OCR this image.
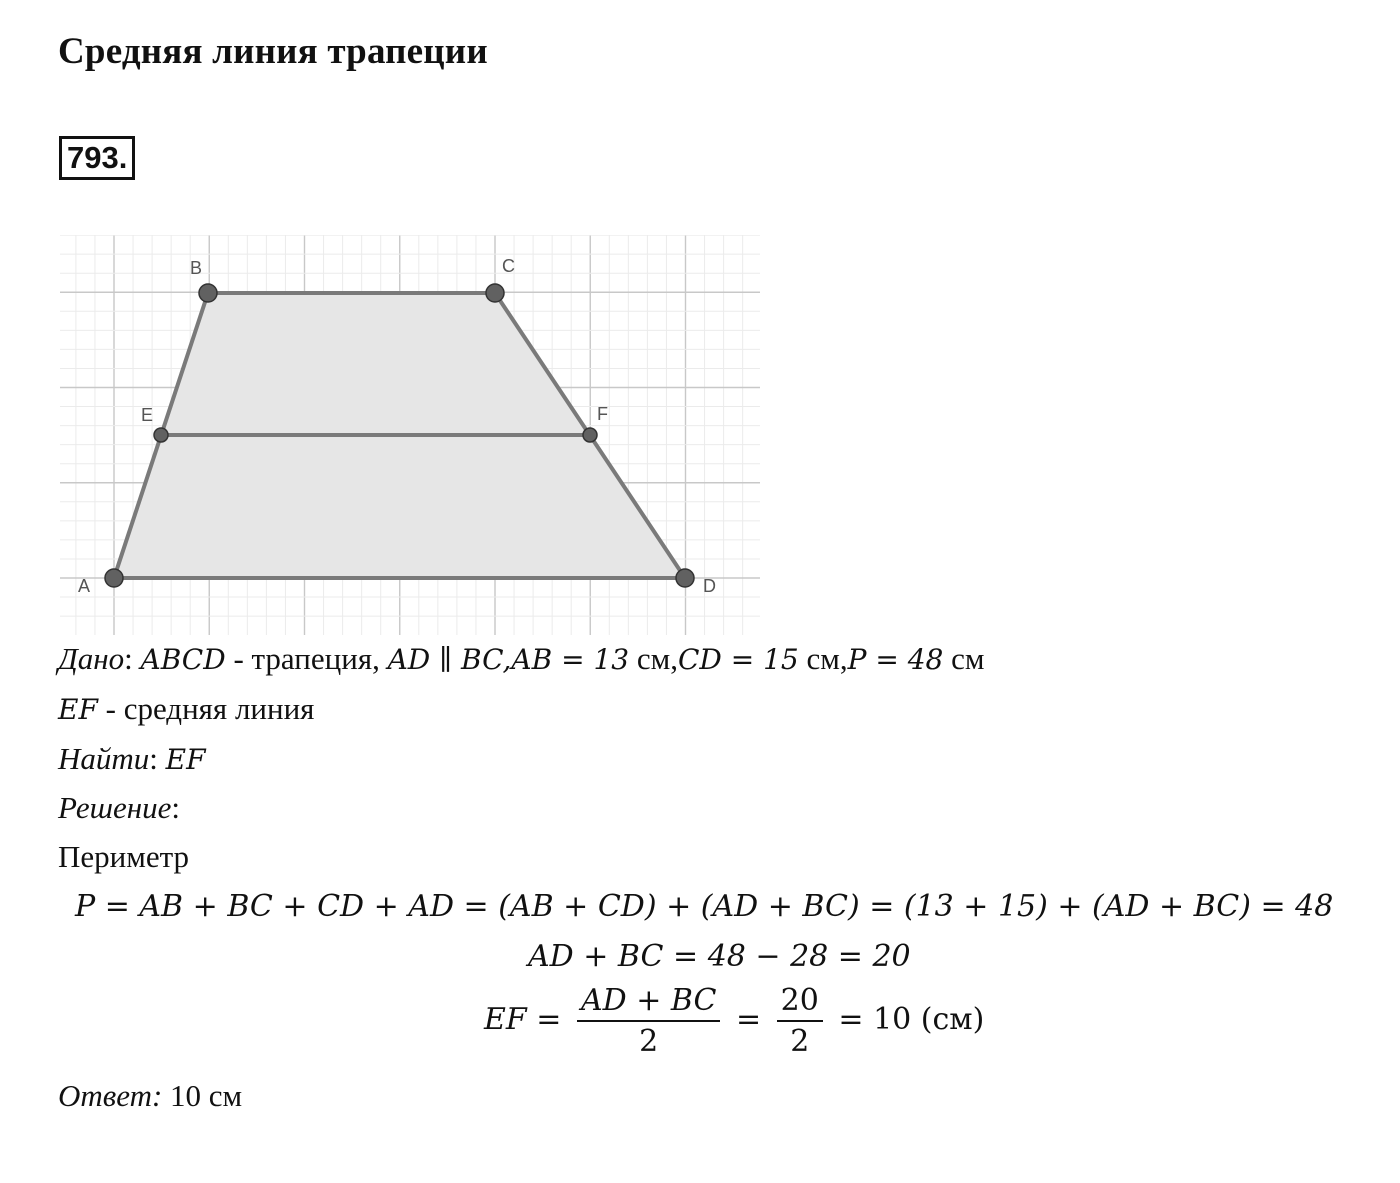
Средняя линия трапеции
793.
A
B	C
D
E	F
Дано: ABCD - трапеция, AD ∥ BC,AB = 13 см,CD = 15 см,P = 48 см
EF - средняя линия
Найти: EF
Решение:
Периметр
P = AB + BC + CD + AD = (AB + CD) + (AD + BC) = (13 + 15) + (AD + BC) = 48
AD + BC = 48 − 28 = 20
EF = $\frac{AD + BC}{2} = \frac{20}{2} = 10$ (см)
Ответ: 10 см
